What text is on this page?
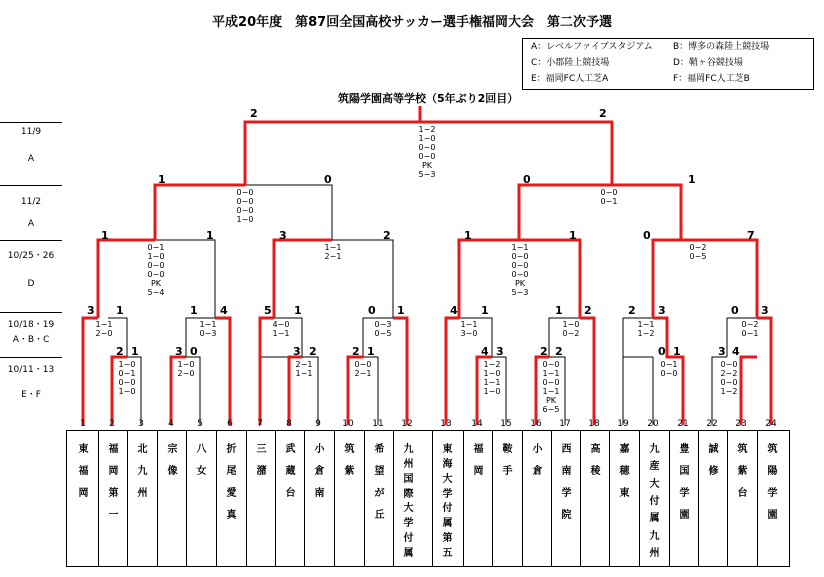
平成20年度　第87回全国高校サッカー選手権福岡大会　第二次予選
A：レベルファイブスタジアム B：博多の森陸上競技場
C：小郡陸上競技場	D：鞘ヶ谷競技場
E：福岡FC人工芝A	F：福岡FC人工芝B
筑陽学園高等学校（5年ぶり2回目）
11/9
A
11/2
A
10/25・26
D
10/18・19
A・B・C
10/11・13
E・F
2	2
1−2
1−0
0−0
0−0
PK
5−3
1	0
0−0
0−0
0−0
1−0
0	1
0−0
0−1
1	1
0−1
1−0
0−0
0−0
PK
5−4
3	2
1−1
2−1
1	1
1−1
0−0
0−0
0−0
PK
5−3
0	7
0−2
0−5
3 1
1−1
2−0
1 4
1−1
0−3
5 1
4−0
1−1
0 1
0−3
0−5
4 1
1−1
3−0
1 2
1−0
0−2
2 3
1−1
1−2
0 3
0−2
0−1
2 1
1−0
0−1
0−0
1−0
3 0
1−0
2−0
3 2
2−1
1−1
2 1
0−0
2−1
4 3
1−2
1−0
1−1
1−0
2 2
0−0
1−1
0−0
1−1
PK
6−5
0 1
0−1
0−0
3 4
0−0
2−2
0−0
1−2
1
東
福
岡
2
福
岡
第
一
3
北
九
州
4
宗
像
5
八
女
6
折
尾
愛
真
7
三
潴
8
武
蔵
台
9
小
倉
南
10
筑
紫
11
希
望
が
丘
12
九
州
国
際
大
学
付
属
13
東
海
大
学
付
属
第
五
14
福
岡
15
鞍
手
16
小
倉
17
西
南
学
院
18
高
稜
19
嘉
穂
東
20
九
産
大
付
属
九
州
21
豊
国
学
園
22
誠
修
23
筑
紫
台
24
筑
陽
学
園
